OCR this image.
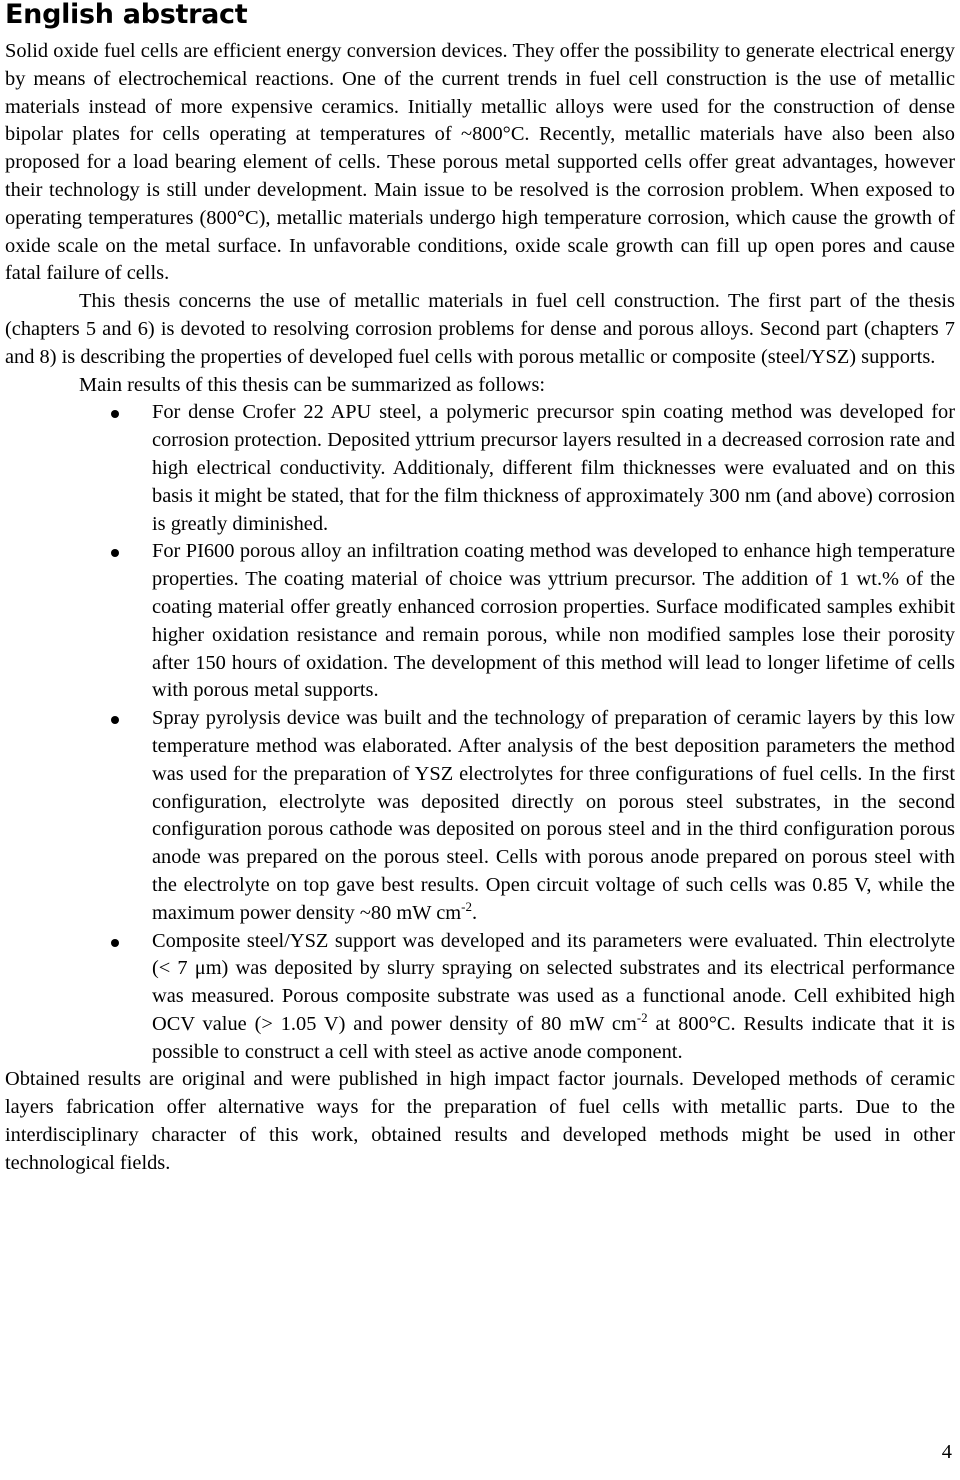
English abstract

Solid oxide fuel cells are efficient energy conversion devices. They offer the possibility to generate electrical energy by means of electrochemical reactions. One of the current trends in fuel cell construction is the use of metallic materials instead of more expensive ceramics. Initially metallic alloys were used for the construction of dense bipolar plates for cells operating at temperatures of ~800°C. Recently, metallic materials have also been also proposed for a load bearing element of cells. These porous metal supported cells offer great advantages, however their technology is still under development. Main issue to be resolved is the corrosion problem. When exposed to operating temperatures (800°C), metallic materials undergo high temperature corrosion, which cause the growth of oxide scale on the metal surface. In unfavorable conditions, oxide scale growth can fill up open pores and cause fatal failure of cells.

This thesis concerns the use of metallic materials in fuel cell construction. The first part of the thesis (chapters 5 and 6) is devoted to resolving corrosion problems for dense and porous alloys. Second part (chapters 7 and 8) is describing the properties of developed fuel cells with porous metallic or composite (steel/YSZ) supports.

Main results of this thesis can be summarized as follows:

For dense Crofer 22 APU steel, a polymeric precursor spin coating method was developed for corrosion protection. Deposited yttrium precursor layers resulted in a decreased corrosion rate and high electrical conductivity. Additionaly, different film thicknesses were evaluated and on this basis it might be stated, that for the film thickness of approximately 300 nm (and above) corrosion is greatly diminished.
For PI600 porous alloy an infiltration coating method was developed to enhance high temperature properties. The coating material of choice was yttrium precursor. The addition of 1 wt.% of the coating material offer greatly enhanced corrosion properties. Surface modificated samples exhibit higher oxidation resistance and remain porous, while non modified samples lose their porosity after 150 hours of oxidation. The development of this method will lead to longer lifetime of cells with porous metal supports.
Spray pyrolysis device was built and the technology of preparation of ceramic layers by this low temperature method was elaborated. After analysis of the best deposition parameters the method was used for the preparation of YSZ electrolytes for three configurations of fuel cells. In the first configuration, electrolyte was deposited directly on porous steel substrates, in the second configuration porous cathode was deposited on porous steel and in the third configuration porous anode was prepared on the porous steel. Cells with porous anode prepared on porous steel with the electrolyte on top gave best results. Open circuit voltage of such cells was 0.85 V, while the maximum power density ~80 mW $cm^{-2}$.
Composite steel/YSZ support was developed and its parameters were evaluated. Thin electrolyte (< 7 μm) was deposited by slurry spraying on selected substrates and its electrical performance was measured. Porous composite substrate was used as a functional anode. Cell exhibited high OCV value (> 1.05 V) and power density of 80 mW $cm^{-2}$ at 800°C. Results indicate that it is possible to construct a cell with steel as active anode component.

Obtained results are original and were published in high impact factor journals. Developed methods of ceramic layers fabrication offer alternative ways for the preparation of fuel cells with metallic parts. Due to the interdisciplinary character of this work, obtained results and developed methods might be used in other technological fields.

4
